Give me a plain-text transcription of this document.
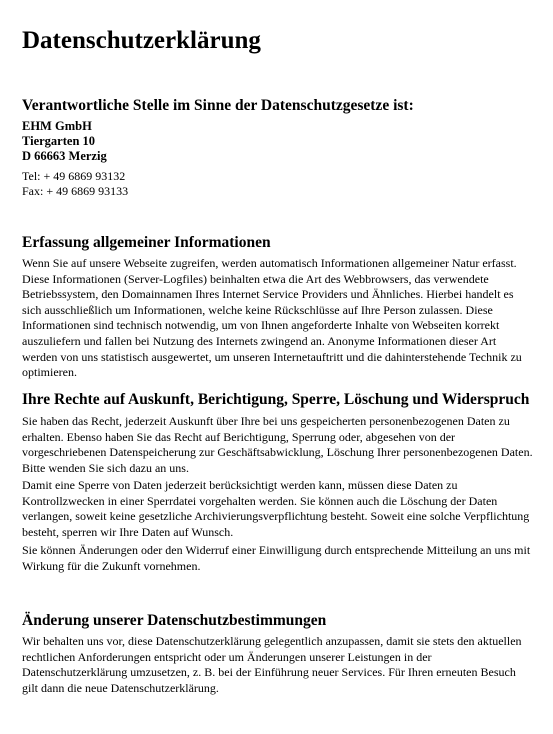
Datenschutzerklärung
Verantwortliche Stelle im Sinne der Datenschutzgesetze ist:
EHM GmbH
Tiergarten 10
D 66663 Merzig
Tel: + 49 6869 93132
Fax: + 49 6869 93133
Erfassung allgemeiner Informationen

Wenn Sie auf unsere Webseite zugreifen, werden automatisch Informationen allgemeiner Natur erfasst. Diese Informationen (Server-Logfiles) beinhalten etwa die Art des Webbrowsers, das verwendete Betriebssystem, den Domainnamen Ihres Internet Service Providers und Ähnliches. Hierbei handelt es sich ausschließlich um Informationen, welche keine Rückschlüsse auf Ihre Person zulassen. Diese Informationen sind technisch notwendig, um von Ihnen angeforderte Inhalte von Webseiten korrekt auszuliefern und fallen bei Nutzung des Internets zwingend an. Anonyme Informationen dieser Art werden von uns statistisch ausgewertet, um unseren Internetauftritt und die dahinterstehende Technik zu optimieren.

Ihre Rechte auf Auskunft, Berichtigung, Sperre, Löschung und Widerspruch

Sie haben das Recht, jederzeit Auskunft über Ihre bei uns gespeicherten personenbezogenen Daten zu erhalten. Ebenso haben Sie das Recht auf Berichtigung, Sperrung oder, abgesehen von der vorgeschriebenen Datenspeicherung zur Geschäftsabwicklung, Löschung Ihrer personenbezogenen Daten. Bitte wenden Sie sich dazu an uns.

Damit eine Sperre von Daten jederzeit berücksichtigt werden kann, müssen diese Daten zu Kontrollzwecken in einer Sperrdatei vorgehalten werden. Sie können auch die Löschung der Daten verlangen, soweit keine gesetzliche Archivierungsverpflichtung besteht. Soweit eine solche Verpflichtung besteht, sperren wir Ihre Daten auf Wunsch.

Sie können Änderungen oder den Widerruf einer Einwilligung durch entsprechende Mitteilung an uns mit Wirkung für die Zukunft vornehmen.

Änderung unserer Datenschutzbestimmungen

Wir behalten uns vor, diese Datenschutzerklärung gelegentlich anzupassen, damit sie stets den aktuellen rechtlichen Anforderungen entspricht oder um Änderungen unserer Leistungen in der Datenschutzerklärung umzusetzen, z. B. bei der Einführung neuer Services. Für Ihren erneuten Besuch gilt dann die neue Datenschutzerklärung.
